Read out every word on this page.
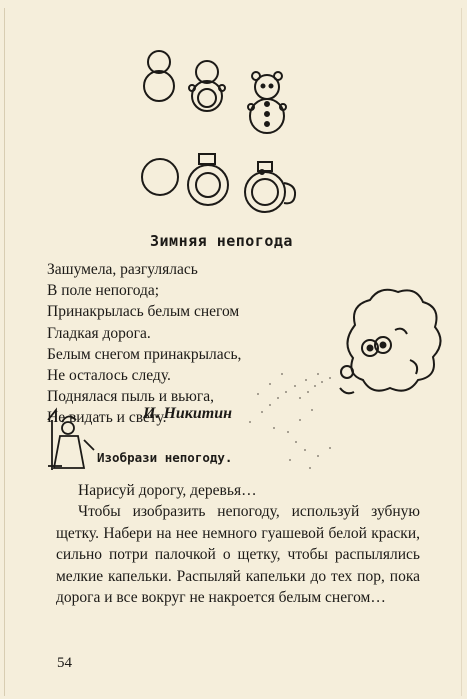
Зимняя непогода
Зашумела, разгулялась
В поле непогода;
Принакрылась белым снегом
Гладкая дорога.
Белым снегом принакрылась,
Не осталось следу.
Поднялася пыль и вьюга,
Не видать и свету.
И. Никитин
Изобрази непогоду.

Нарисуй дорогу, деревья…

Чтобы изобразить непогоду, используй зубную щетку. Набери на нее немного гуашевой белой краски, сильно потри палочкой о щетку, чтобы распылялись мелкие капельки. Распыляй капельки до тех пор, пока дорога и все вокруг не накроется белым снегом…

54
